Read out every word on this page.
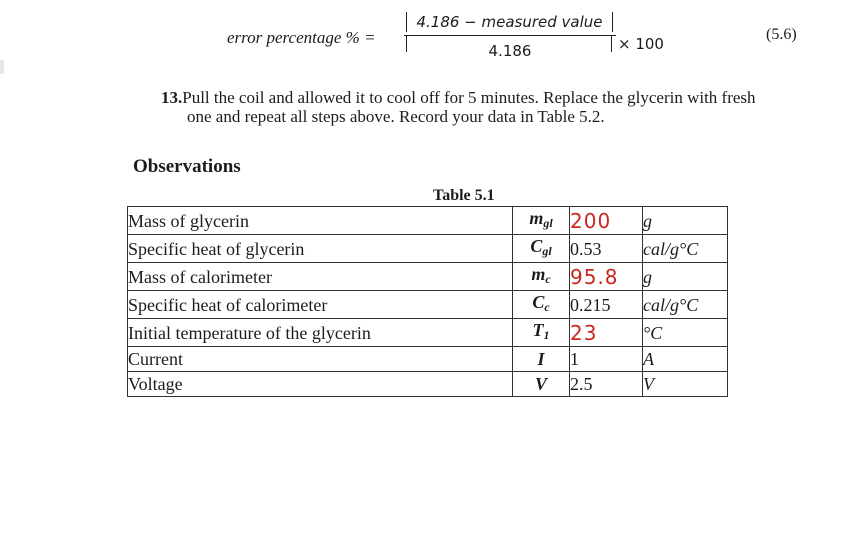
error percentage % =
4.186 − measured value
4.186	× 100
(5.6)
13.Pull the coil and allowed it to cool off for 5 minutes. Replace the glycerin with fresh
one and repeat all steps above. Record your data in Table 5.2.
Observations
Table 5.1
Mass of glycerin	mgl	200	g
Specific heat of glycerin	Cgl	0.53	cal/g°C
Mass of calorimeter	mc	95.8	g
Specific heat of calorimeter	Cc	0.215	cal/g°C
Initial temperature of the glycerin	T1	23	°C
Current	I	1	A
Voltage	V	2.5	V
